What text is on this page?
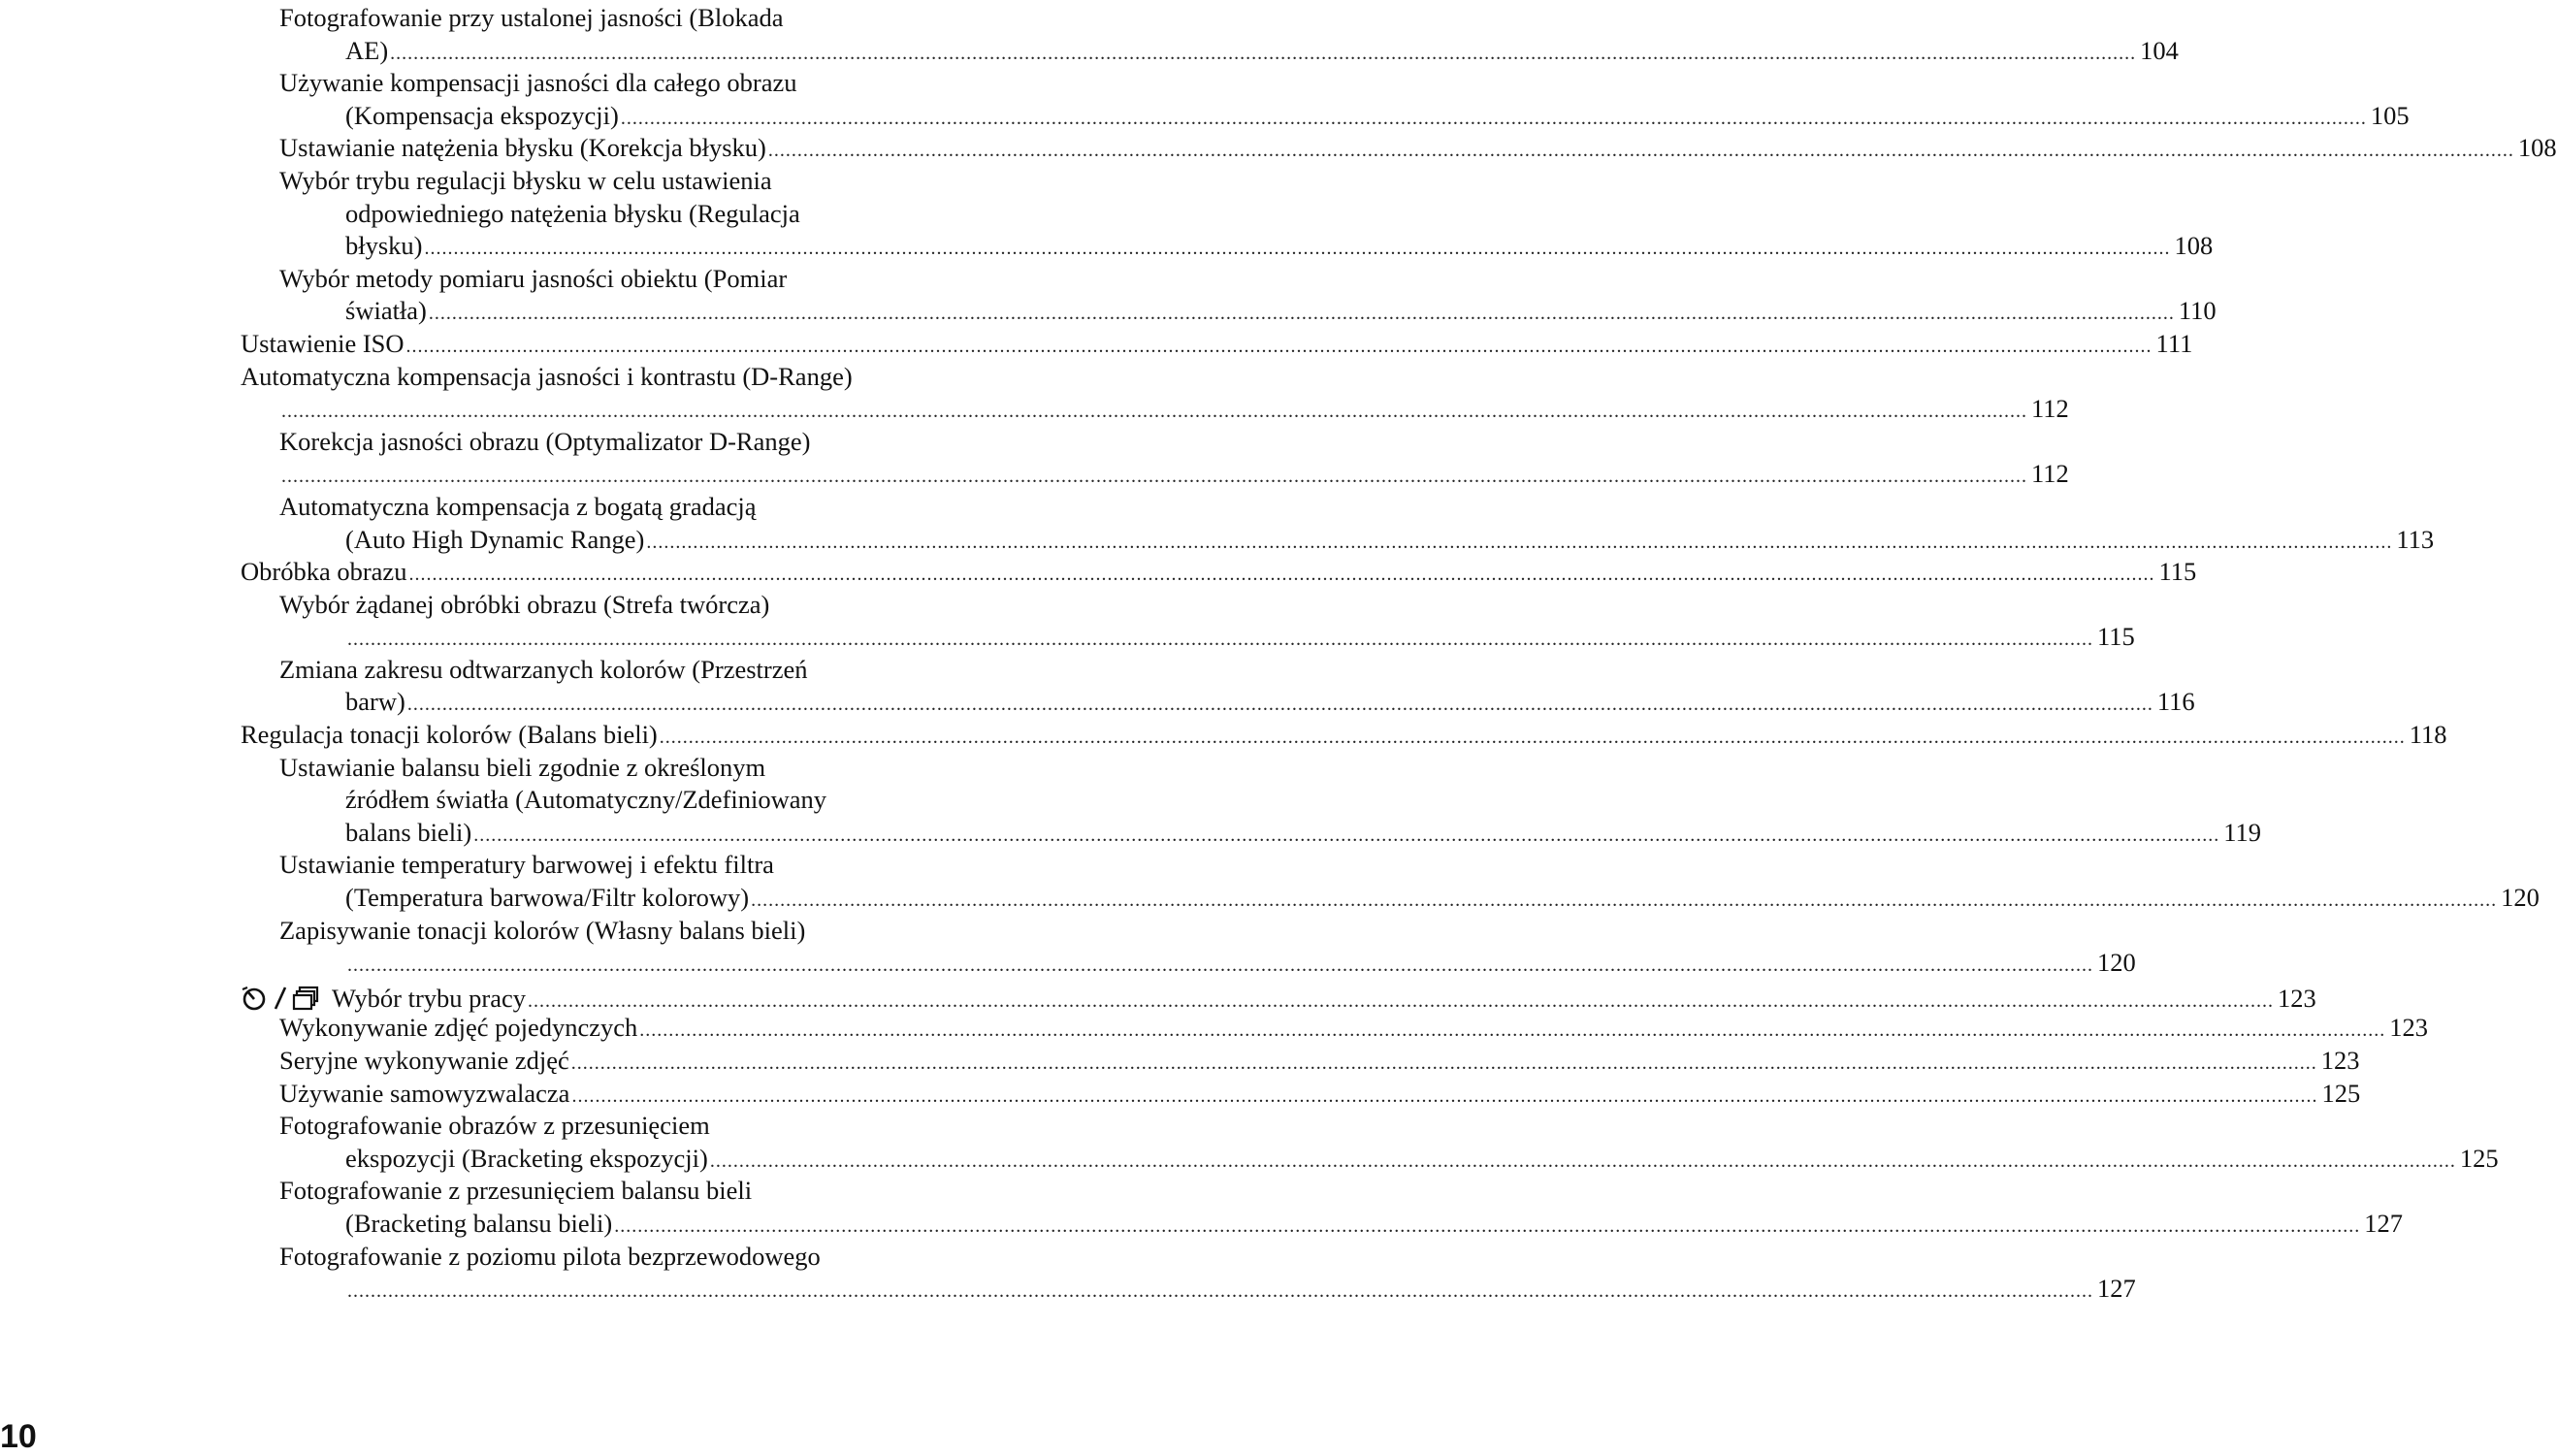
Fotografowanie przy ustalonej jasności (Blokada
AE) ............................................................................................................................................................................................................................................................................................................ 104
Używanie kompensacji jasności dla całego obrazu
(Kompensacja ekspozycji) ............................................................................................................................................................................................................................................................................................................ 105
Ustawianie natężenia błysku (Korekcja błysku) ............................................................................................................................................................................................................................................................................................................ 108
Wybór trybu regulacji błysku w celu ustawienia
odpowiedniego natężenia błysku (Regulacja
błysku) ............................................................................................................................................................................................................................................................................................................ 108
Wybór metody pomiaru jasności obiektu (Pomiar
światła) ............................................................................................................................................................................................................................................................................................................ 110
Ustawienie ISO ............................................................................................................................................................................................................................................................................................................ 111
Automatyczna kompensacja jasności i kontrastu (D-Range)
............................................................................................................................................................................................................................................................................................................ 112
Korekcja jasności obrazu (Optymalizator D-Range)
............................................................................................................................................................................................................................................................................................................ 112
Automatyczna kompensacja z bogatą gradacją
(Auto High Dynamic Range) ............................................................................................................................................................................................................................................................................................................ 113
Obróbka obrazu ............................................................................................................................................................................................................................................................................................................ 115
Wybór żądanej obróbki obrazu (Strefa twórcza)
............................................................................................................................................................................................................................................................................................................ 115
Zmiana zakresu odtwarzanych kolorów (Przestrzeń
barw) ............................................................................................................................................................................................................................................................................................................ 116
Regulacja tonacji kolorów (Balans bieli) ............................................................................................................................................................................................................................................................................................................ 118
Ustawianie balansu bieli zgodnie z określonym
źródłem światła (Automatyczny/Zdefiniowany
balans bieli) ............................................................................................................................................................................................................................................................................................................ 119
Ustawianie temperatury barwowej i efektu filtra
(Temperatura barwowa/Filtr kolorowy) ............................................................................................................................................................................................................................................................................................................ 120
Zapisywanie tonacji kolorów (Własny balans bieli)
............................................................................................................................................................................................................................................................................................................ 120
Wybór trybu pracy ............................................................................................................................................................................................................................................................................................................ 123
Wykonywanie zdjęć pojedynczych ............................................................................................................................................................................................................................................................................................................ 123
Seryjne wykonywanie zdjęć ............................................................................................................................................................................................................................................................................................................ 123
Używanie samowyzwalacza ............................................................................................................................................................................................................................................................................................................ 125
Fotografowanie obrazów z przesunięciem
ekspozycji (Bracketing ekspozycji) ............................................................................................................................................................................................................................................................................................................ 125
Fotografowanie z przesunięciem balansu bieli
(Bracketing balansu bieli) ............................................................................................................................................................................................................................................................................................................ 127
Fotografowanie z poziomu pilota bezprzewodowego
............................................................................................................................................................................................................................................................................................................ 127
10
